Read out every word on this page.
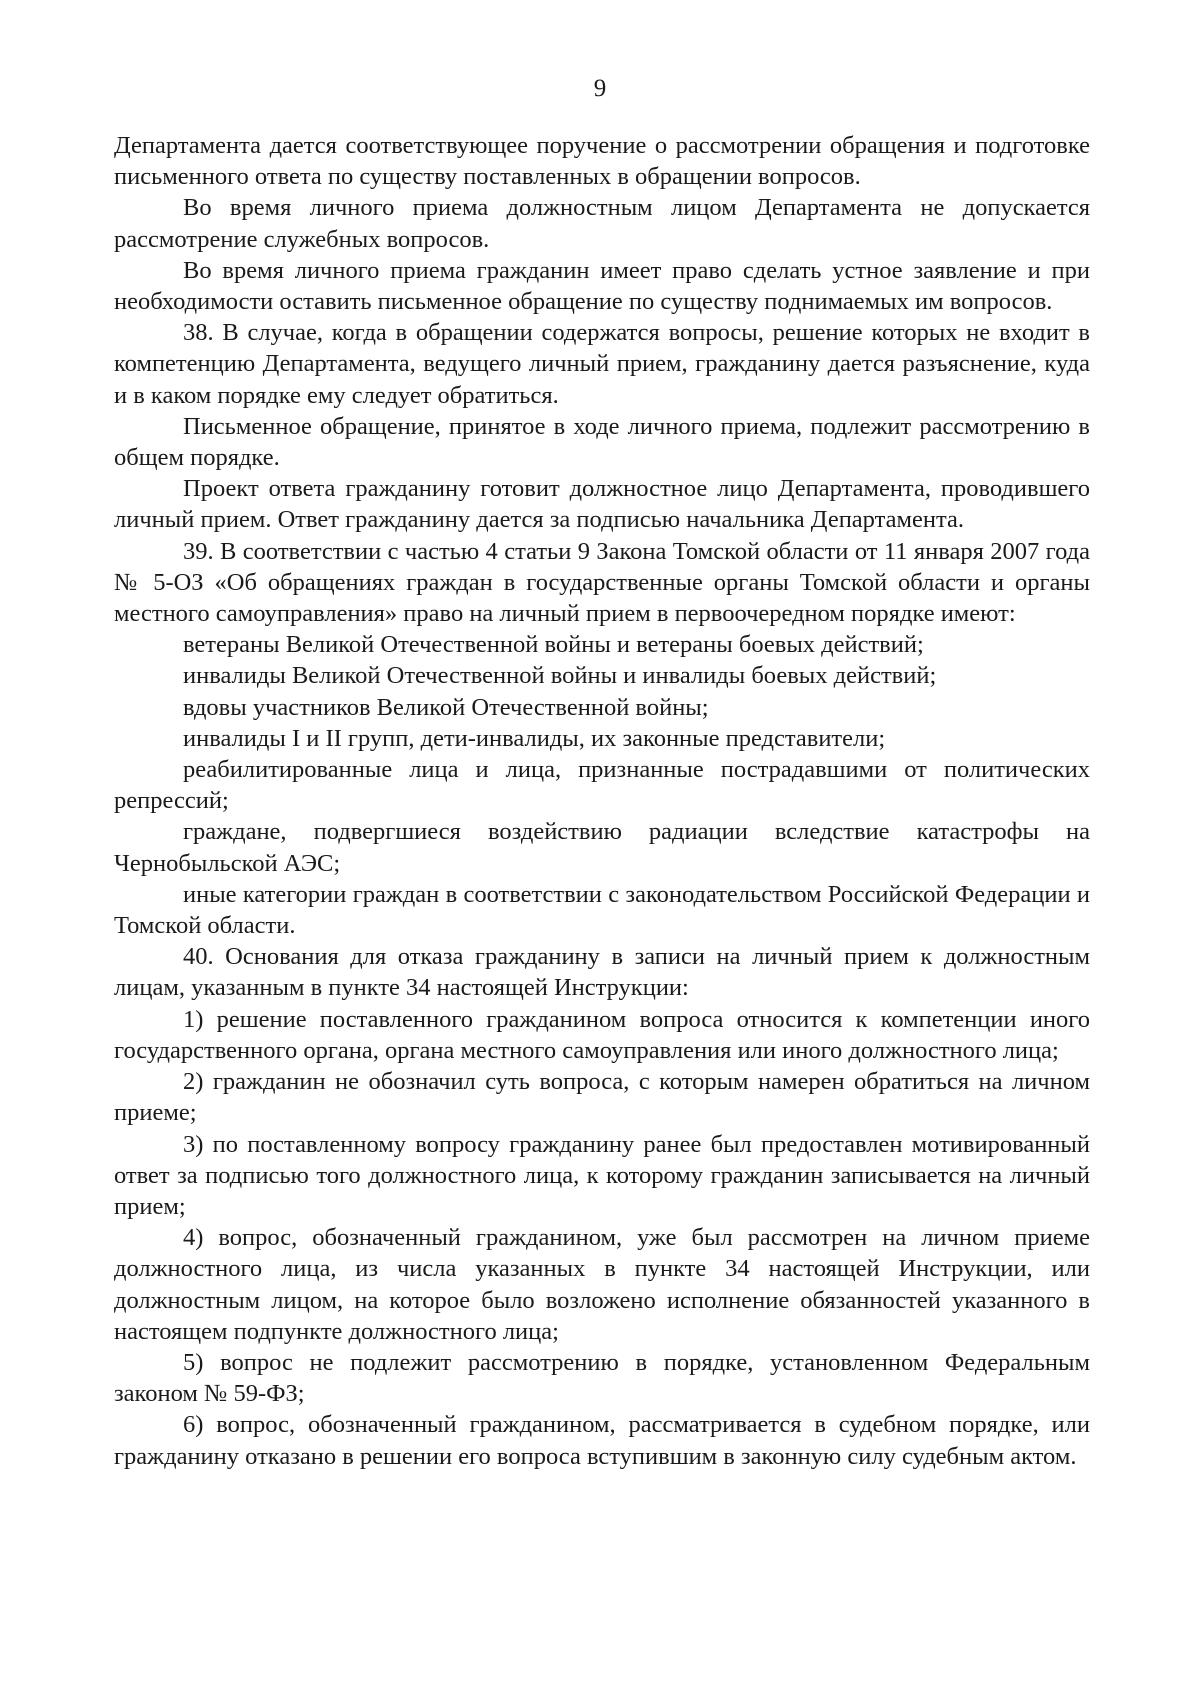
9

Департамента дается соответствующее поручение о рассмотрении обращения и подготовке письменного ответа по существу поставленных в обращении вопросов.

Во время личного приема должностным лицом Департамента не допускается рассмотрение служебных вопросов.

Во время личного приема гражданин имеет право сделать устное заявление и при необходимости оставить письменное обращение по существу поднимаемых им вопросов.

38. В случае, когда в обращении содержатся вопросы, решение которых не входит в компетенцию Департамента, ведущего личный прием, гражданину дается разъяснение, куда и в каком порядке ему следует обратиться.

Письменное обращение, принятое в ходе личного приема, подлежит рассмотрению в общем порядке.

Проект ответа гражданину готовит должностное лицо Департамента, проводившего личный прием. Ответ гражданину дается за подписью начальника Департамента.

39. В соответствии с частью 4 статьи 9 Закона Томской области от 11 января 2007 года № 5-ОЗ «Об обращениях граждан в государственные органы Томской области и органы местного самоуправления» право на личный прием в первоочередном порядке имеют:

ветераны Великой Отечественной войны и ветераны боевых действий;

инвалиды Великой Отечественной войны и инвалиды боевых действий;

вдовы участников Великой Отечественной войны;

инвалиды I и II групп, дети-инвалиды, их законные представители;

реабилитированные лица и лица, признанные пострадавшими от политических репрессий;

граждане, подвергшиеся воздействию радиации вследствие катастрофы на Чернобыльской АЭС;

иные категории граждан в соответствии с законодательством Российской Федерации и Томской области.

40. Основания для отказа гражданину в записи на личный прием к должностным лицам, указанным в пункте 34 настоящей Инструкции:

1) решение поставленного гражданином вопроса относится к компетенции иного государственного органа, органа местного самоуправления или иного должностного лица;

2) гражданин не обозначил суть вопроса, с которым намерен обратиться на личном приеме;

3) по поставленному вопросу гражданину ранее был предоставлен мотивированный ответ за подписью того должностного лица, к которому гражданин записывается на личный прием;

4) вопрос, обозначенный гражданином, уже был рассмотрен на личном приеме должностного лица, из числа указанных в пункте 34 настоящей Инструкции, или должностным лицом, на которое было возложено исполнение обязанностей указанного в настоящем подпункте должностного лица;

5) вопрос не подлежит рассмотрению в порядке, установленном Федеральным законом № 59-ФЗ;

6) вопрос, обозначенный гражданином, рассматривается в судебном порядке, или гражданину отказано в решении его вопроса вступившим в законную силу судебным актом.
